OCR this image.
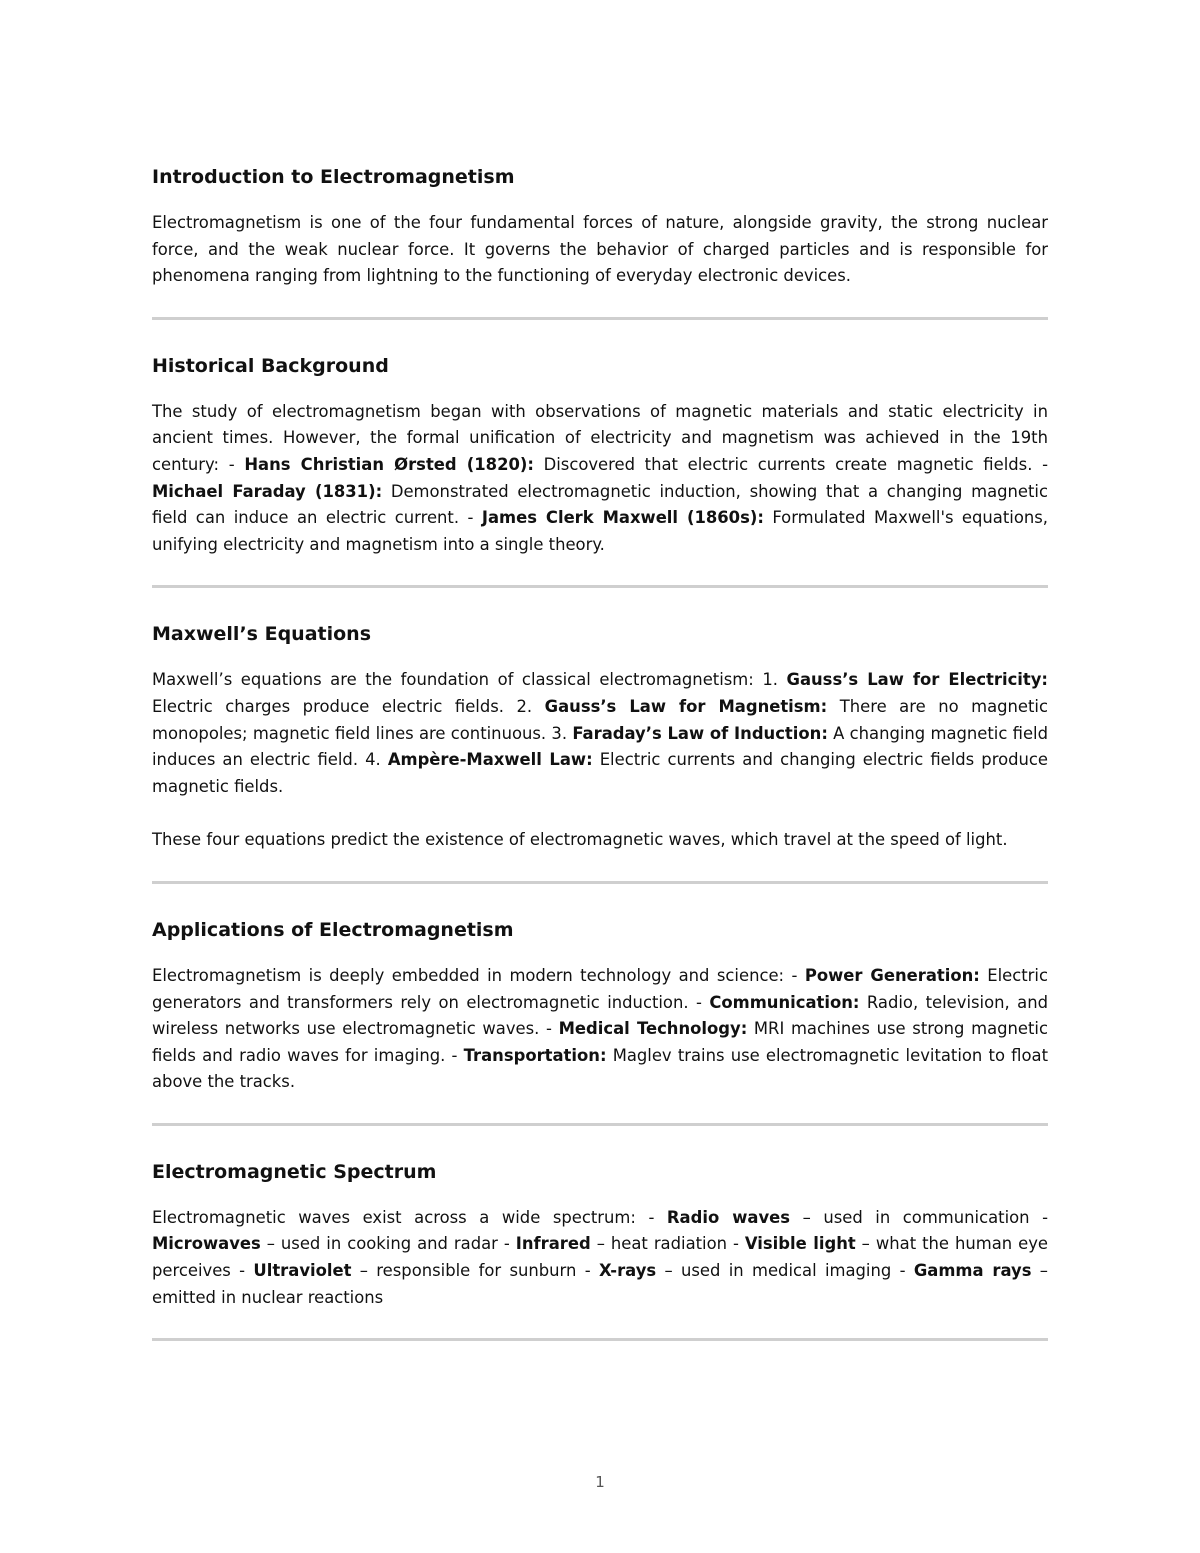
Introduction to Electromagnetism

Electromagnetism is one of the four fundamental forces of nature, alongside gravity, the strong nuclear force, and the weak nuclear force. It governs the behavior of charged particles and is responsible for phenomena ranging from lightning to the functioning of everyday electronic devices.

Historical Background

The study of electromagnetism began with observations of magnetic materials and static electricity in ancient times. However, the formal unification of electricity and magnetism was achieved in the 19th century: - Hans Christian Ørsted (1820): Discovered that electric currents create magnetic fields. - Michael Faraday (1831): Demonstrated electromagnetic induction, showing that a changing magnetic field can induce an electric current. - James Clerk Maxwell (1860s): Formulated Maxwell's equations, unifying electricity and magnetism into a single theory.

Maxwell’s Equations

Maxwell’s equations are the foundation of classical electromagnetism: 1. Gauss’s Law for Electricity: Electric charges produce electric fields. 2. Gauss’s Law for Magnetism: There are no magnetic monopoles; magnetic field lines are continuous. 3. Faraday’s Law of Induction: A changing magnetic field induces an electric field. 4. Ampère-Maxwell Law: Electric currents and changing electric fields produce magnetic fields.

These four equations predict the existence of electromagnetic waves, which travel at the speed of light.

Applications of Electromagnetism

Electromagnetism is deeply embedded in modern technology and science: - Power Generation: Electric generators and transformers rely on electromagnetic induction. - Communication: Radio, television, and wireless networks use electromagnetic waves. - Medical Technology: MRI machines use strong magnetic fields and radio waves for imaging. - Transportation: Maglev trains use electromagnetic levitation to float above the tracks.

Electromagnetic Spectrum

Electromagnetic waves exist across a wide spectrum: - Radio waves – used in communication - Microwaves – used in cooking and radar - Infrared – heat radiation - Visible light – what the human eye perceives - Ultraviolet – responsible for sunburn - X-rays – used in medical imaging - Gamma rays – emitted in nuclear reactions

1
